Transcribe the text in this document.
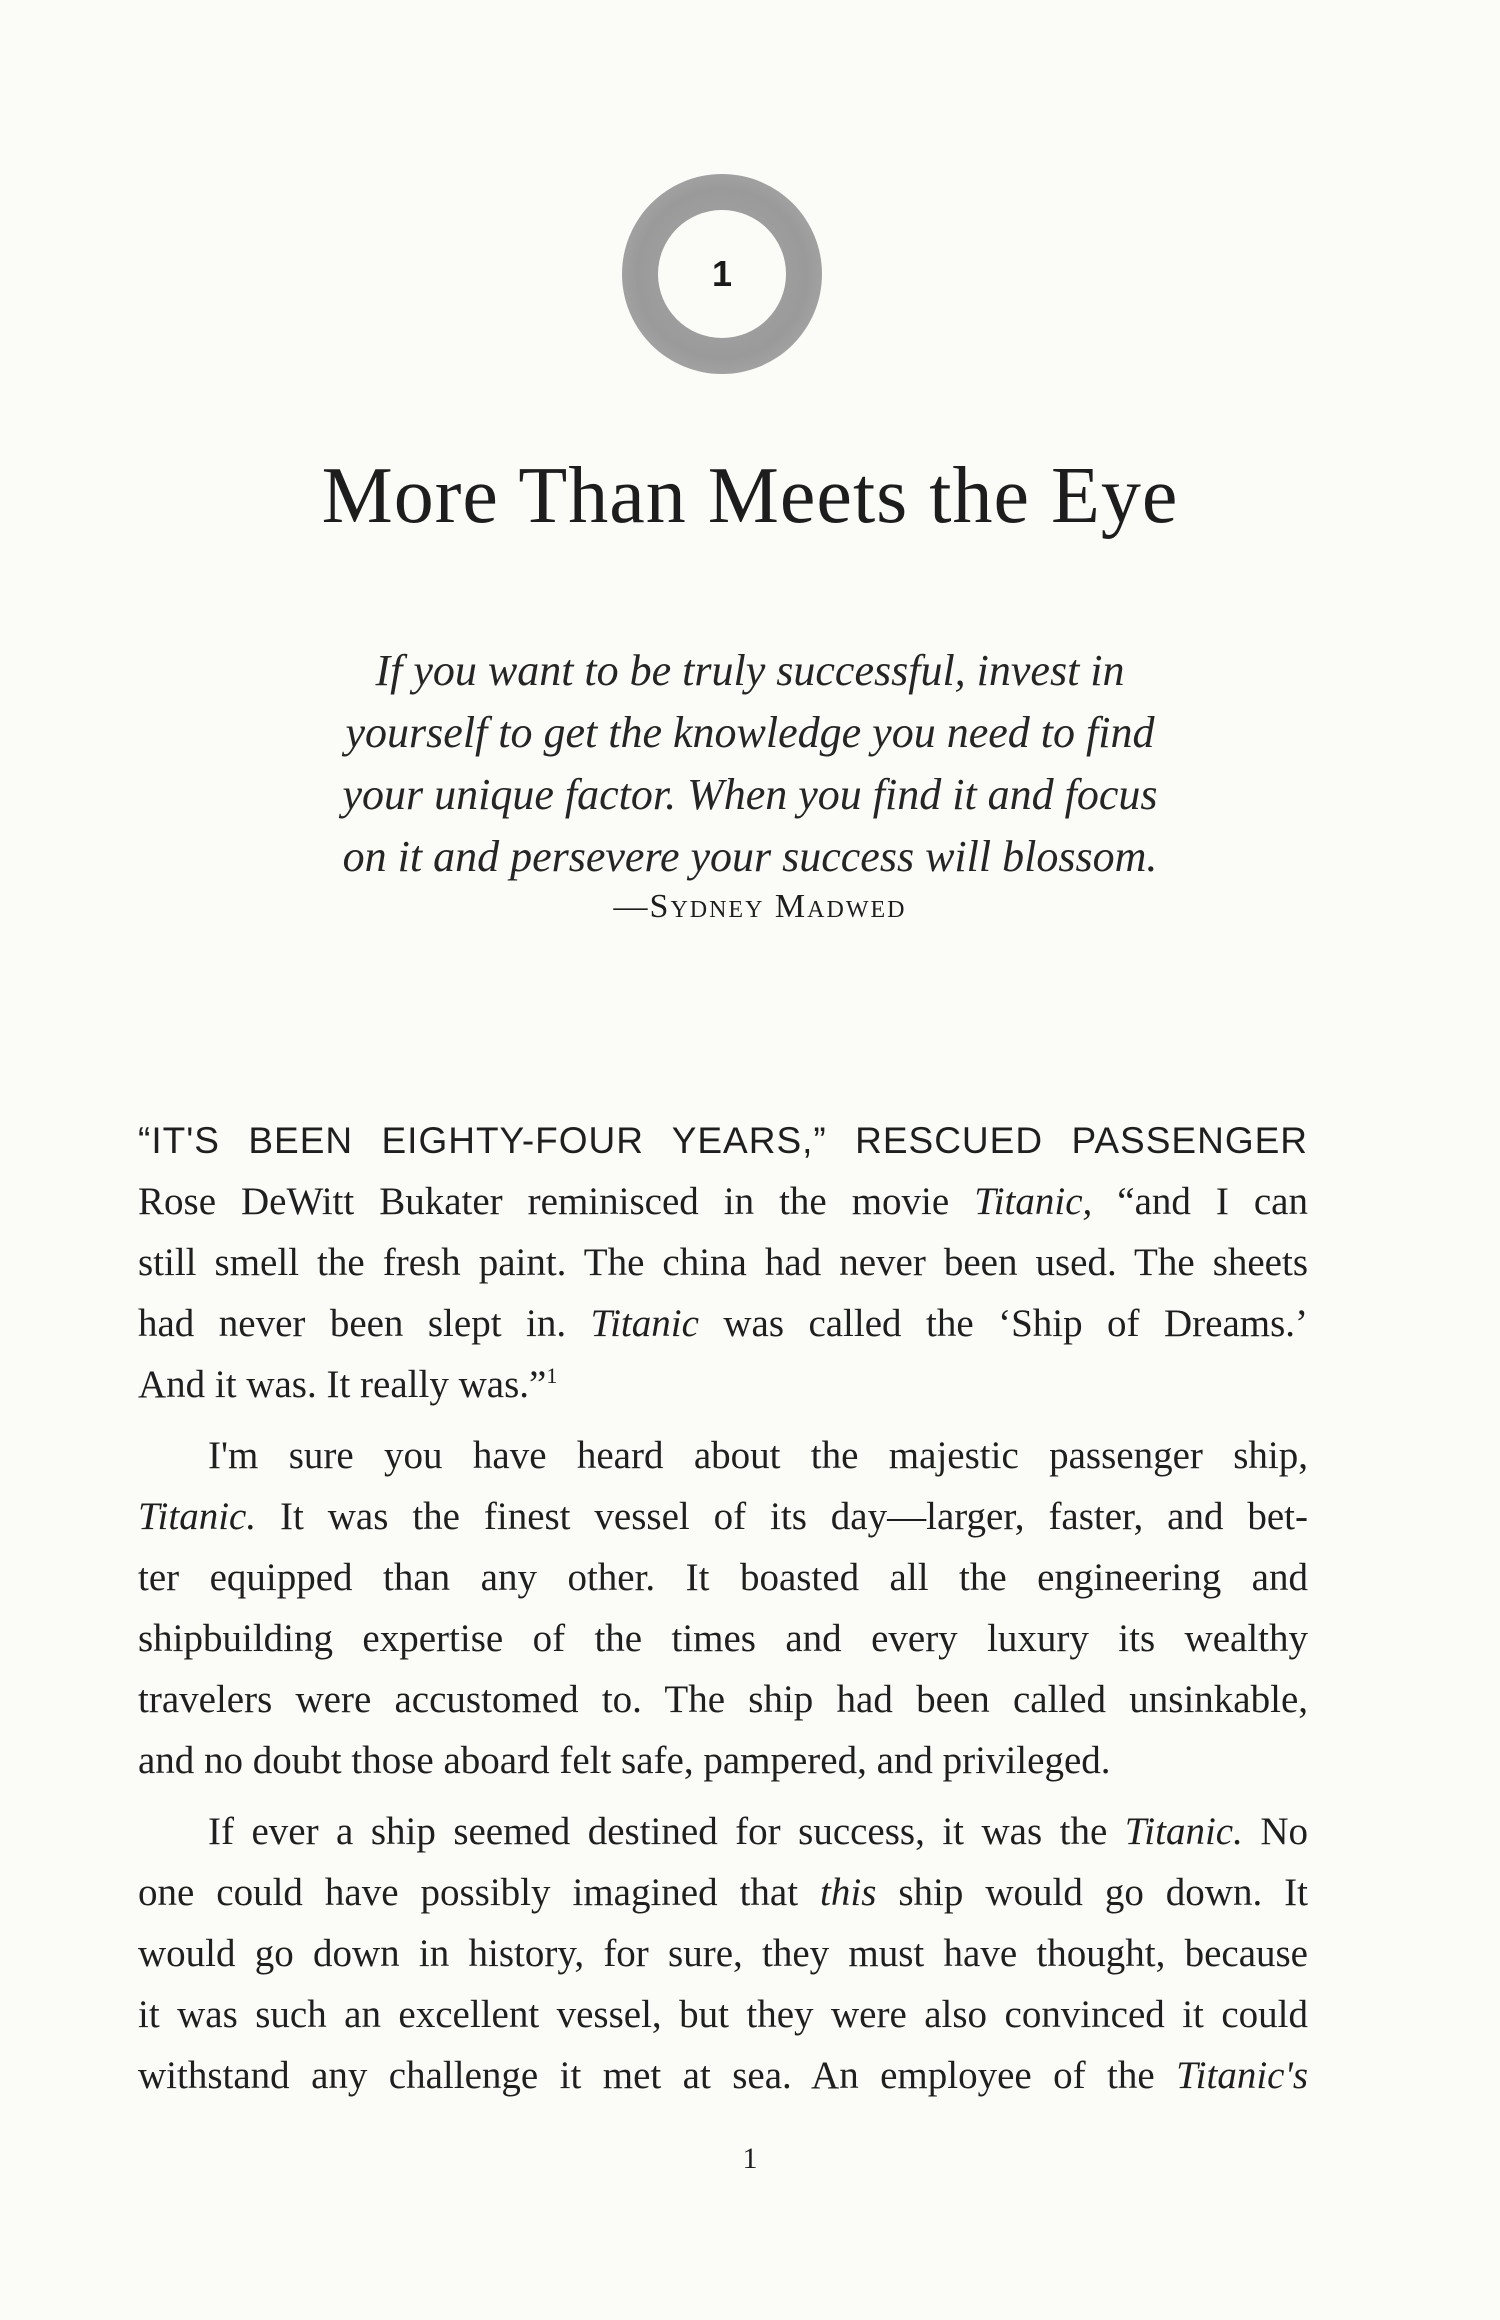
1
More Than Meets the Eye
If you want to be truly successful, invest in
yourself to get the knowledge you need to find
your unique factor. When you find it and focus
on it and persevere your success will blossom.
—Sydney Madwed
“IT'S BEEN EIGHTY-FOUR YEARS,” RESCUED PASSENGER
Rose DeWitt Bukater reminisced in the movie Titanic, “and I can
still smell the fresh paint. The china had never been used. The sheets
had never been slept in. Titanic was called the ‘Ship of Dreams.’
And it was. It really was.”$^1$
I'm sure you have heard about the majestic passenger ship,
Titanic. It was the finest vessel of its day—larger, faster, and bet-
ter equipped than any other. It boasted all the engineering and
shipbuilding expertise of the times and every luxury its wealthy
travelers were accustomed to. The ship had been called unsinkable,
and no doubt those aboard felt safe, pampered, and privileged.
If ever a ship seemed destined for success, it was the Titanic. No
one could have possibly imagined that this ship would go down. It
would go down in history, for sure, they must have thought, because
it was such an excellent vessel, but they were also convinced it could
withstand any challenge it met at sea. An employee of the Titanic's
1
